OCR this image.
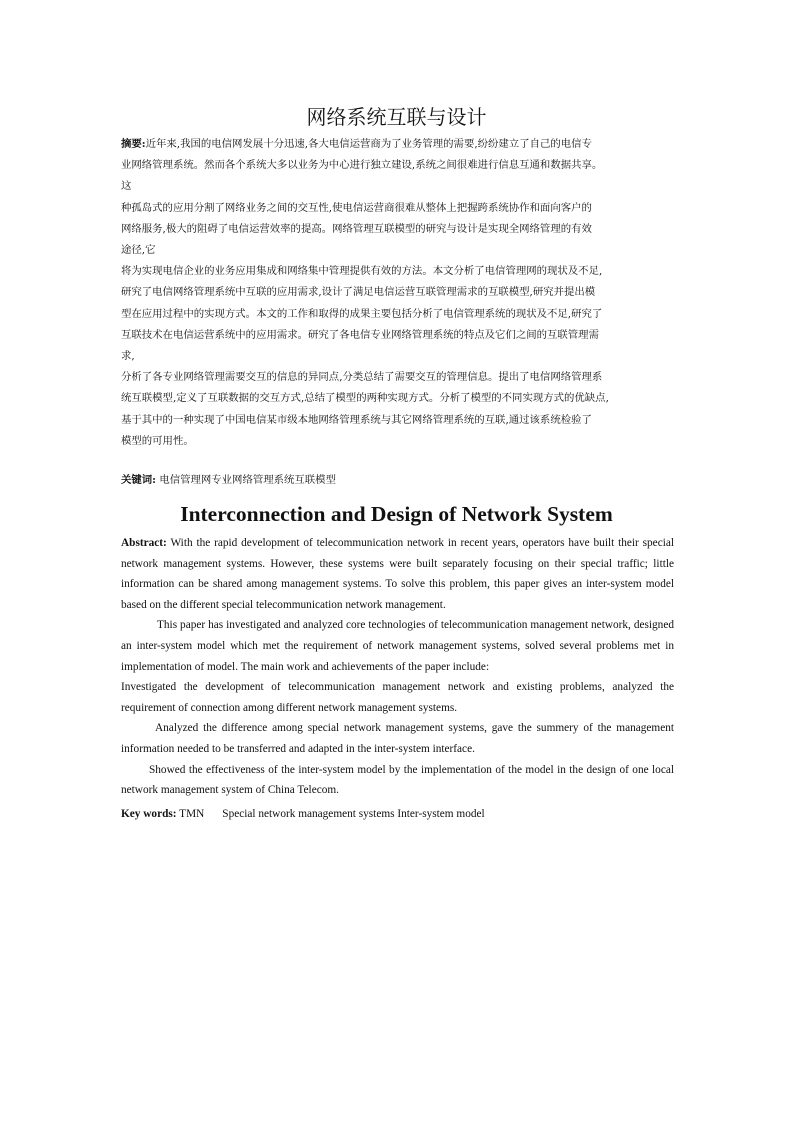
网络系统互联与设计
摘要:近年来,我国的电信网发展十分迅速,各大电信运营商为了业务管理的需要,纷纷建立了自己的电信专
业网络管理系统。然而各个系统大多以业务为中心进行独立建设,系统之间很难进行信息互通和数据共享。
这
种孤岛式的应用分割了网络业务之间的交互性,使电信运营商很难从整体上把握跨系统协作和面向客户的
网络服务,极大的阻碍了电信运营效率的提高。网络管理互联模型的研究与设计是实现全网络管理的有效
途径,它
将为实现电信企业的业务应用集成和网络集中管理提供有效的方法。本文分析了电信管理网的现状及不足,
研究了电信网络管理系统中互联的应用需求,设计了满足电信运营互联管理需求的互联模型,研究并提出模
型在应用过程中的实现方式。本文的工作和取得的成果主要包括分析了电信管理系统的现状及不足,研究了
互联技术在电信运营系统中的应用需求。研究了各电信专业网络管理系统的特点及它们之间的互联管理需
求,
分析了各专业网络管理需要交互的信息的异同点,分类总结了需要交互的管理信息。提出了电信网络管理系
统互联模型,定义了互联数据的交互方式,总结了模型的两种实现方式。分析了模型的不同实现方式的优缺点,
基于其中的一种实现了中国电信某市级本地网络管理系统与其它网络管理系统的互联,通过该系统检验了
模型的可用性。
关键词: 电信管理网专业网络管理系统互联模型
Interconnection and Design of Network System

Abstract: With the rapid development of telecommunication network in recent years, operators have built their special network management systems. However, these systems were built separately focusing on their special traffic; little information can be shared among management systems. To solve this problem, this paper gives an inter-system model based on the different special telecommunication network management.

This paper has investigated and analyzed core technologies of telecommunication management network, designed an inter-system model which met the requirement of network management systems, solved several problems met in implementation of model. The main work and achievements of the paper include:

Investigated the development of telecommunication management network and existing problems, analyzed the requirement of connection among different network management systems.

Analyzed the difference among special network management systems, gave the summery of the management information needed to be transferred and adapted in the inter-system interface.

Showed the effectiveness of the inter-system model by the implementation of the model in the design of one local network management system of China Telecom.

Key words: TMN Special network management systems Inter-system model
